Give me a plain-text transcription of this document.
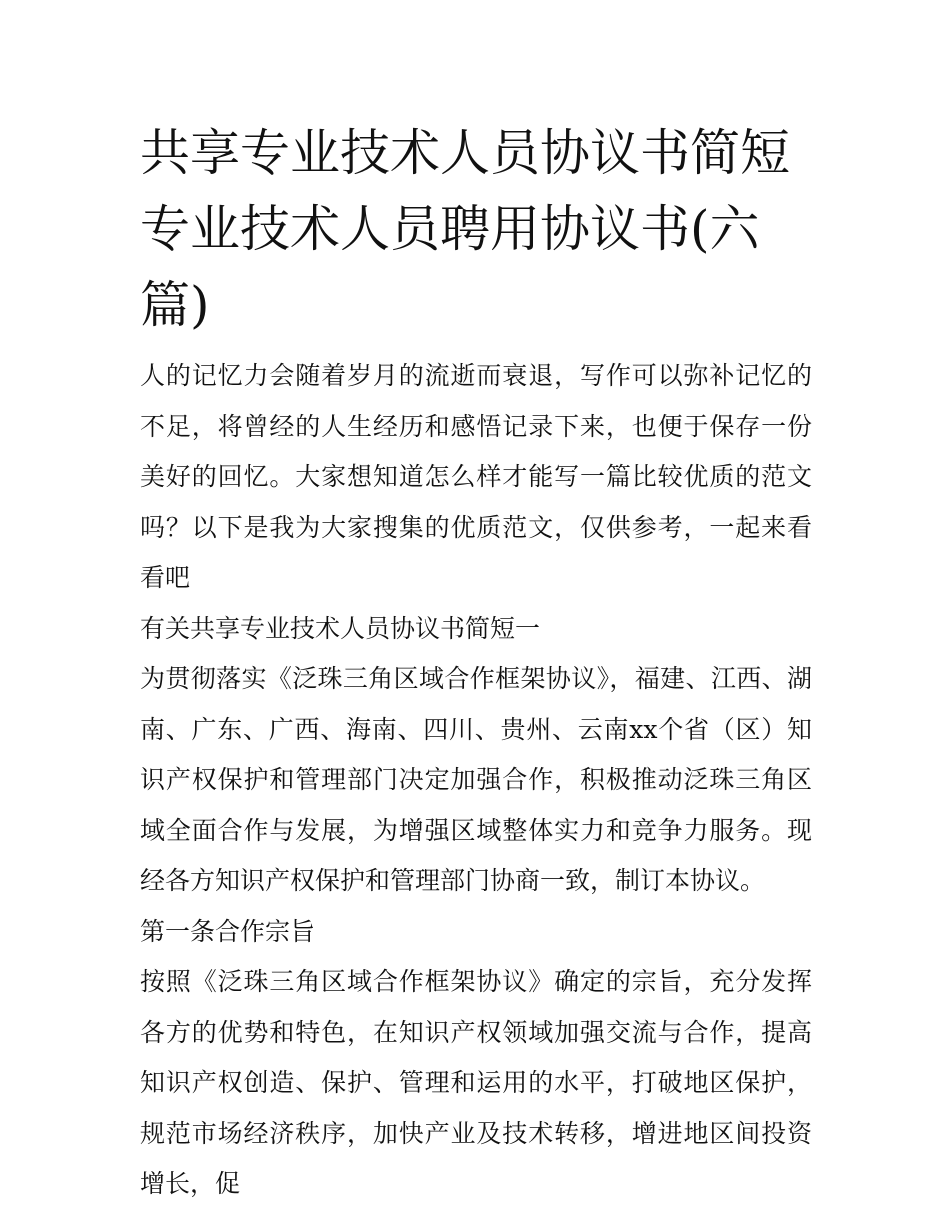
共享专业技术人员协议书简短 专业技术人员聘用协议书(六篇)

人的记忆力会随着岁月的流逝而衰退，写作可以弥补记忆的不足，将曾经的人生经历和感悟记录下来，也便于保存一份美好的回忆。大家想知道怎么样才能写一篇比较优质的范文吗？以下是我为大家搜集的优质范文，仅供参考，一起来看看吧

有关共享专业技术人员协议书简短一

为贯彻落实《泛珠三角区域合作框架协议》，福建、江西、湖南、广东、广西、海南、四川、贵州、云南xx个省（区）知识产权保护和管理部门决定加强合作，积极推动泛珠三角区域全面合作与发展，为增强区域整体实力和竞争力服务。现经各方知识产权保护和管理部门协商一致，制订本协议。

第一条合作宗旨

按照《泛珠三角区域合作框架协议》确定的宗旨，充分发挥各方的优势和特色，在知识产权领域加强交流与合作，提高知识产权创造、保护、管理和运用的水平，打破地区保护，规范市场经济秩序，加快产业及技术转移，增进地区间投资增长，促
